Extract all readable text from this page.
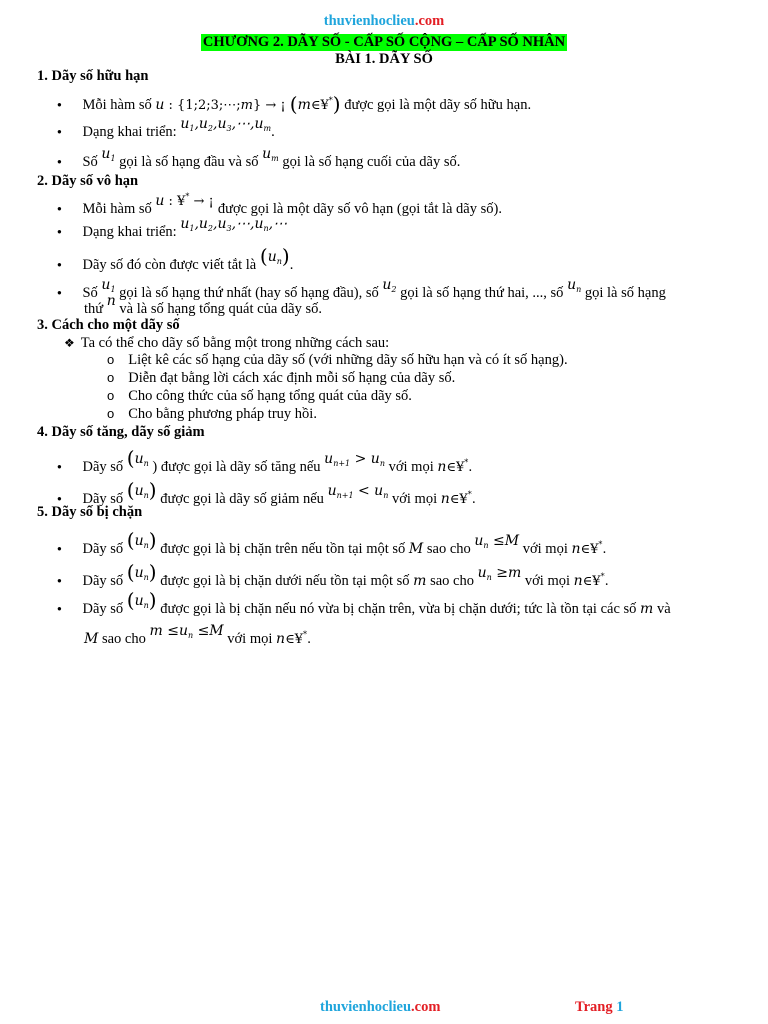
thuvienhoclieu.com
CHƯƠNG 2. DÃY SỐ - CẤP SỐ CỘNG – CẤP SỐ NHÂN
BÀI 1. DÃY SỐ
1. Dãy số hữu hạn
● Mỗi hàm số u : {1;2;3;⋯;m} → ¡ (m∈¥*) được gọi là một dãy số hữu hạn.
● Dạng khai triển: $u_1,u_2,u_3,\cdots,u_m$.
● Số $u_1$ gọi là số hạng đầu và số $u_m$ gọi là số hạng cuối của dãy số.
2. Dãy số vô hạn
● Mỗi hàm số u : ¥* → ¡ được gọi là một dãy số vô hạn (gọi tắt là dãy số).
● Dạng khai triển: $u_1,u_2,u_3,\cdots,u_n,\cdots$
● Dãy số đó còn được viết tắt là $(u_n)$.
● Số $u_1$ gọi là số hạng thứ nhất (hay số hạng đầu), số $u_2$ gọi là số hạng thứ hai, ..., số $u_n$ gọi là số hạng
thứ n và là số hạng tổng quát của dãy số.
3. Cách cho một dãy số
❖ Ta có thể cho dãy số bằng một trong những cách sau:
o Liệt kê các số hạng của dãy số (với những dãy số hữu hạn và có ít số hạng).
o Diễn đạt bằng lời cách xác định mỗi số hạng của dãy số.
o Cho công thức của số hạng tổng quát của dãy số.
o Cho bằng phương pháp truy hồi.
4. Dãy số tăng, dãy số giảm
● Dãy số ($u_n$ ) được gọi là dãy số tăng nếu $u_{n+1} > u_n$ với mọi n∈¥*.
● Dãy số $(u_n)$ được gọi là dãy số giảm nếu $u_{n+1} < u_n$ với mọi n∈¥*.
5. Dãy số bị chặn
● Dãy số $(u_n)$ được gọi là bị chặn trên nếu tồn tại một số M sao cho $u_n \le M$ với mọi n∈¥*.
● Dãy số $(u_n)$ được gọi là bị chặn dưới nếu tồn tại một số m sao cho $u_n \ge m$ với mọi n∈¥*.
● Dãy số $(u_n)$ được gọi là bị chặn nếu nó vừa bị chặn trên, vừa bị chặn dưới; tức là tồn tại các số m và
M sao cho $m \le u_n \le M$ với mọi n∈¥*.
thuvienhoclieu.com	Trang 1
